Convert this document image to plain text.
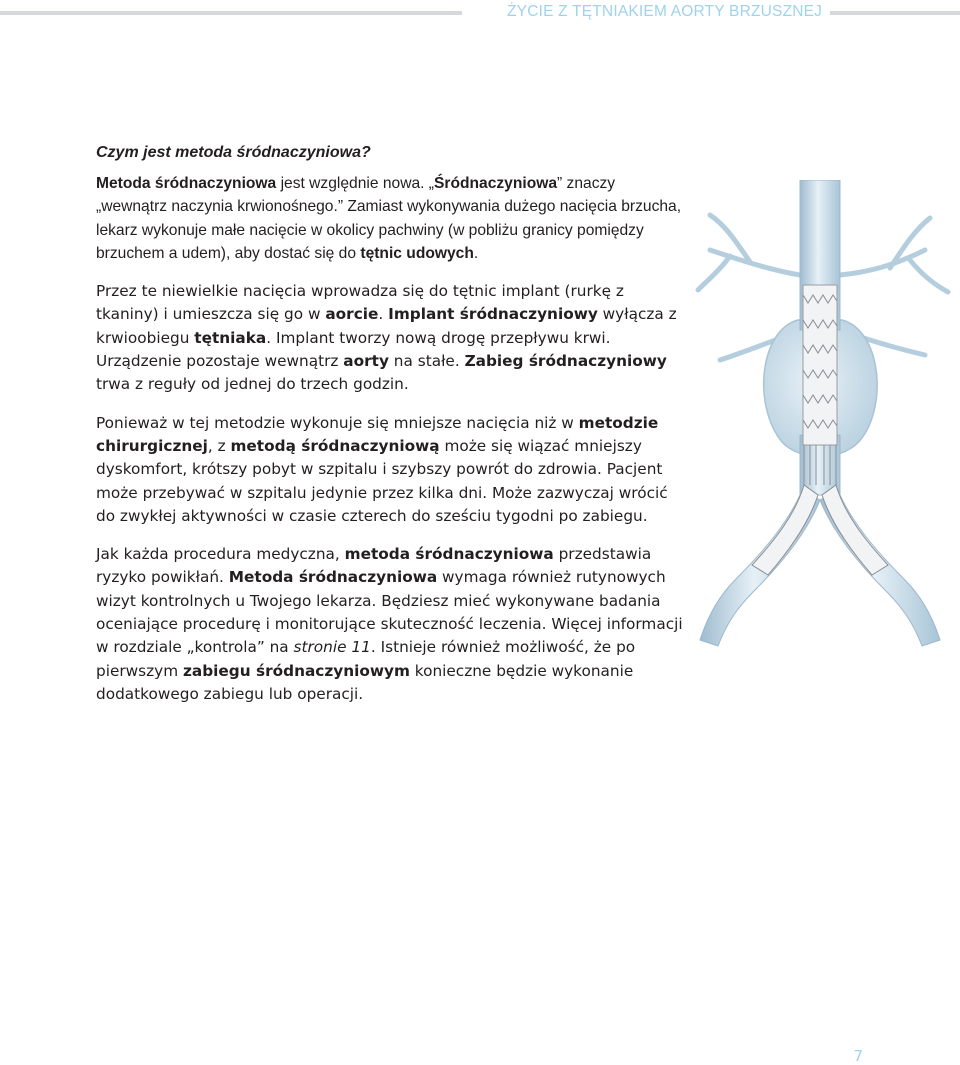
ŻYCIE Z TĘTNIAKIEM AORTY BRZUSZNEJ
Czym jest metoda śródnaczyniowa?

Metoda śródnaczyniowa jest względnie nowa. „Śródnaczyniowa” znaczy „wewnątrz naczynia krwionośnego.” Zamiast wykonywania dużego nacięcia brzucha, lekarz wykonuje małe nacięcie w okolicy pachwiny (w pobliżu granicy pomiędzy brzuchem a udem), aby dostać się do tętnic udowych.

Przez te niewielkie nacięcia wprowadza się do tętnic implant (rurkę z tkaniny) i umieszcza się go w aorcie. Implant śródnaczyniowy wyłącza z krwioobiegu tętniaka. Implant tworzy nową drogę przepływu krwi. Urządzenie pozostaje wewnątrz aorty na stałe. Zabieg śródnaczyniowy trwa z reguły od jednej do trzech godzin.

Ponieważ w tej metodzie wykonuje się mniejsze nacięcia niż w metodzie chirurgicznej, z metodą śródnaczyniową może się wiązać mniejszy dyskomfort, krótszy pobyt w szpitalu i szybszy powrót do zdrowia. Pacjent może przebywać w szpitalu jedynie przez kilka dni. Może zazwyczaj wrócić do zwykłej aktywności w czasie czterech do sześciu tygodni po zabiegu.

Jak każda procedura medyczna, metoda śródnaczyniowa przedstawia ryzyko powikłań. Metoda śródnaczyniowa wymaga również rutynowych wizyt kontrolnych u Twojego lekarza. Będziesz mieć wykonywane badania oceniające procedurę i monitorujące skuteczność leczenia. Więcej informacji w rozdziale „kontrola” na stronie 11. Istnieje również możliwość, że po pierwszym zabiegu śródnaczyniowym konieczne będzie wykonanie dodatkowego zabiegu lub operacji.

7
